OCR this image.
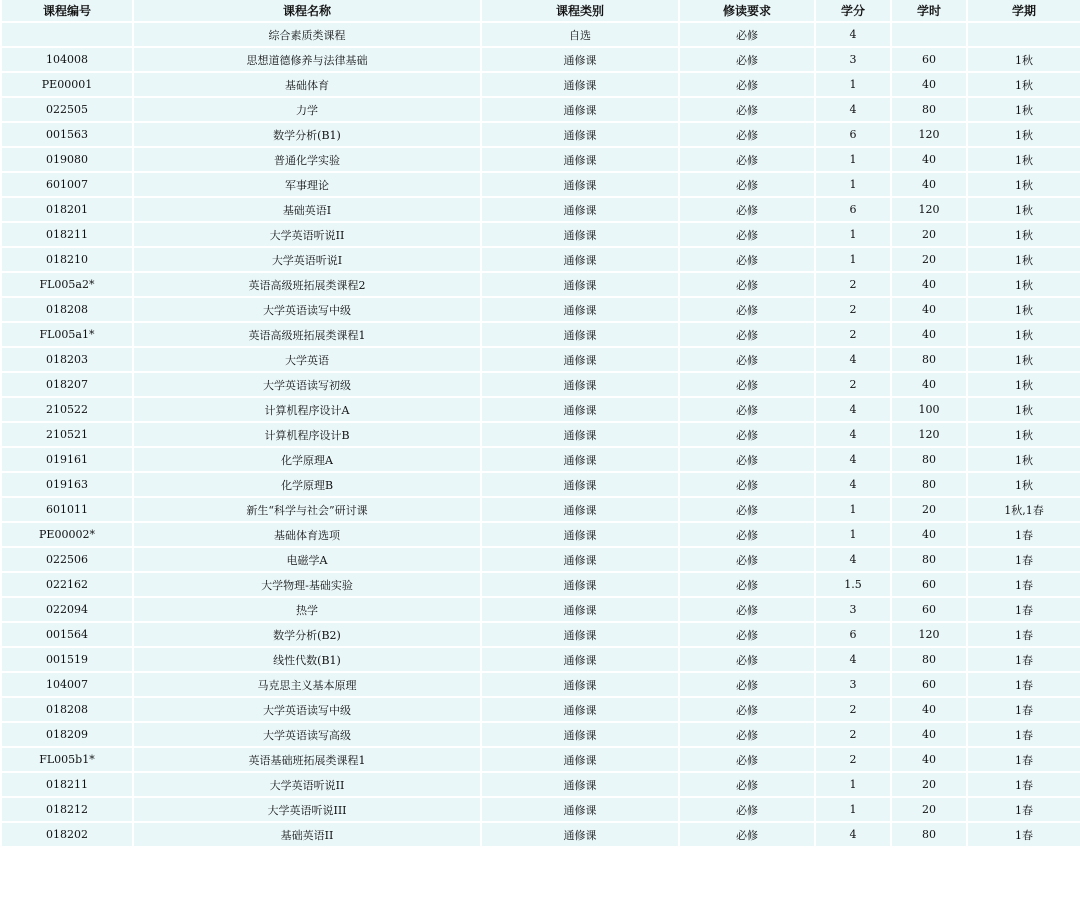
课程编号	课程名称	课程类别	修读要求	学分	学时	学期
	综合素质类课程	自选	必修	4		
104008	思想道德修养与法律基础	通修课	必修	3	60	1秋
PE00001	基础体育	通修课	必修	1	40	1秋
022505	力学	通修课	必修	4	80	1秋
001563	数学分析(B1)	通修课	必修	6	120	1秋
019080	普通化学实验	通修课	必修	1	40	1秋
601007	军事理论	通修课	必修	1	40	1秋
018201	基础英语I	通修课	必修	6	120	1秋
018211	大学英语听说II	通修课	必修	1	20	1秋
018210	大学英语听说I	通修课	必修	1	20	1秋
FL005a2*	英语高级班拓展类课程2	通修课	必修	2	40	1秋
018208	大学英语读写中级	通修课	必修	2	40	1秋
FL005a1*	英语高级班拓展类课程1	通修课	必修	2	40	1秋
018203	大学英语	通修课	必修	4	80	1秋
018207	大学英语读写初级	通修课	必修	2	40	1秋
210522	计算机程序设计A	通修课	必修	4	100	1秋
210521	计算机程序设计B	通修课	必修	4	120	1秋
019161	化学原理A	通修课	必修	4	80	1秋
019163	化学原理B	通修课	必修	4	80	1秋
601011	新生“科学与社会”研讨课	通修课	必修	1	20	1秋,1春
PE00002*	基础体育选项	通修课	必修	1	40	1春
022506	电磁学A	通修课	必修	4	80	1春
022162	大学物理-基础实验	通修课	必修	1.5	60	1春
022094	热学	通修课	必修	3	60	1春
001564	数学分析(B2)	通修课	必修	6	120	1春
001519	线性代数(B1)	通修课	必修	4	80	1春
104007	马克思主义基本原理	通修课	必修	3	60	1春
018208	大学英语读写中级	通修课	必修	2	40	1春
018209	大学英语读写高级	通修课	必修	2	40	1春
FL005b1*	英语基础班拓展类课程1	通修课	必修	2	40	1春
018211	大学英语听说II	通修课	必修	1	20	1春
018212	大学英语听说III	通修课	必修	1	20	1春
018202	基础英语II	通修课	必修	4	80	1春
